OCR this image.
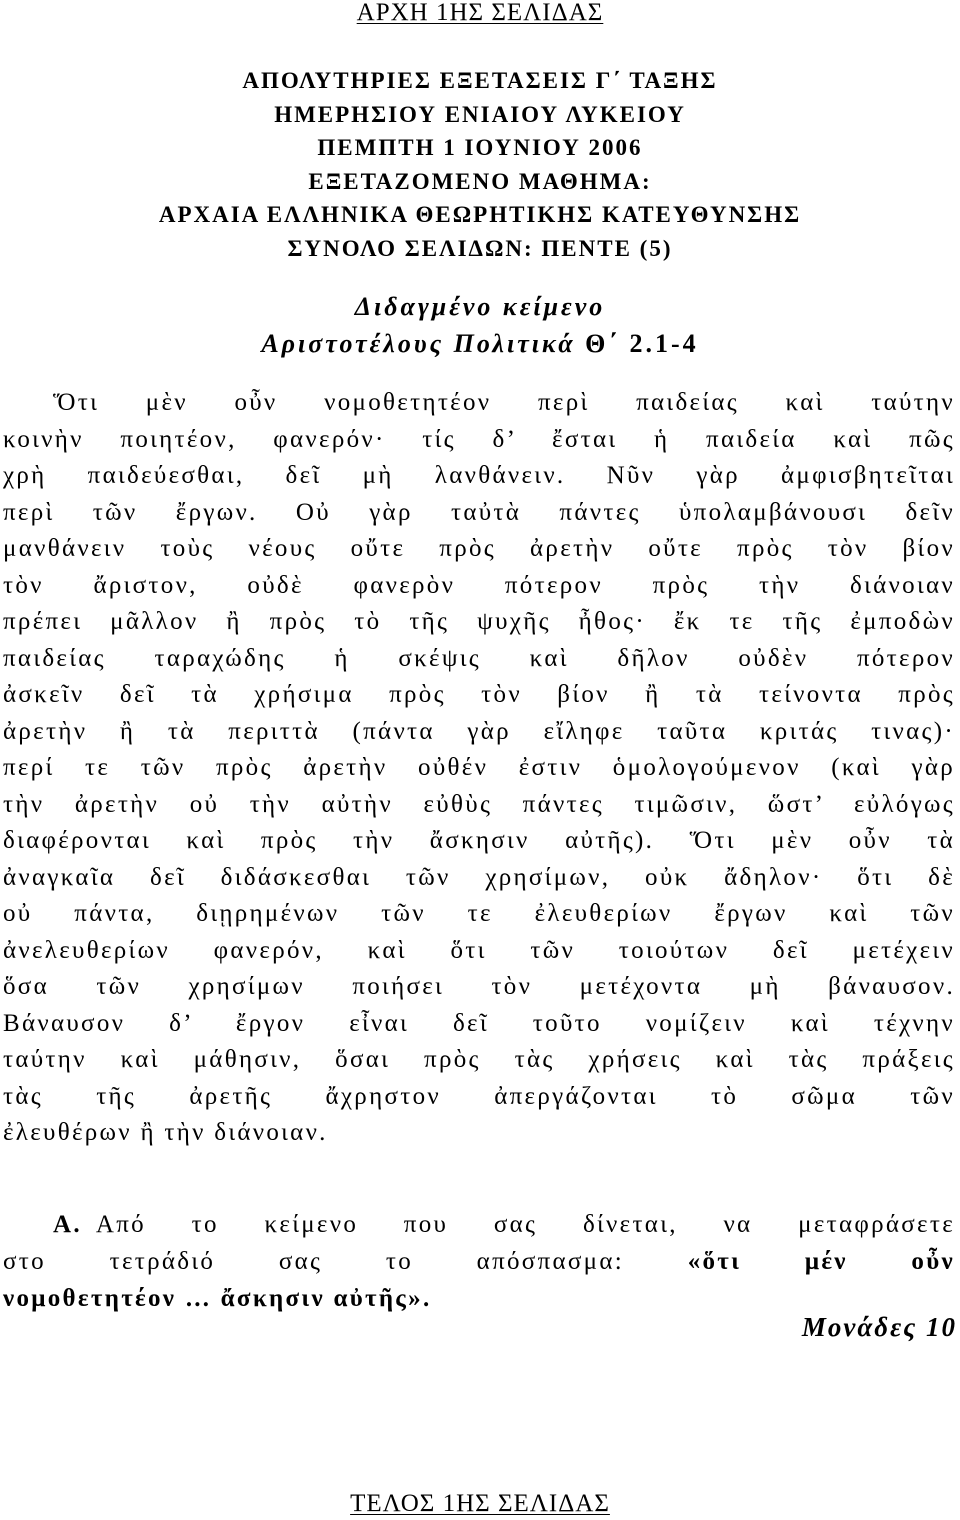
ΑΡΧΗ 1ΗΣ ΣΕΛΙΔΑΣ
ΑΠΟΛΥΤΗΡΙΕΣ ΕΞΕΤΑΣΕΙΣ Γ΄ ΤΑΞΗΣ
ΗΜΕΡΗΣΙΟΥ ΕΝΙΑΙΟΥ ΛΥΚΕΙΟΥ
ΠΕΜΠΤΗ 1 ΙΟΥΝΙΟΥ 2006
ΕΞΕΤΑΖΟΜΕΝΟ ΜΑΘΗΜΑ:
ΑΡΧΑΙΑ ΕΛΛΗΝΙΚΑ ΘΕΩΡΗΤΙΚΗΣ ΚΑΤΕΥΘΥΝΣΗΣ
ΣΥΝΟΛΟ ΣΕΛΙΔΩΝ: ΠΕΝΤΕ (5)
Διδαγμένο κείμενο
Αριστοτέλους Πολιτικά Θ΄ 2.1-4
Ὅτι μὲν οὖν νομοθετητέον περὶ παιδείας καὶ ταύτην
κοινὴν ποιητέον, φανερόν· τίς δ’ ἔσται ἡ παιδεία καὶ πῶς
χρὴ παιδεύεσθαι, δεῖ μὴ λανθάνειν. Νῦν γὰρ ἀμφισβητεῖται
περὶ τῶν ἔργων. Οὐ γὰρ ταὐτὰ πάντες ὑπολαμβάνουσι δεῖν
μανθάνειν τοὺς νέους οὔτε πρὸς ἀρετὴν οὔτε πρὸς τὸν βίον
τὸν ἄριστον, οὐδὲ φανερὸν πότερον πρὸς τὴν διάνοιαν
πρέπει μᾶλλον ἢ πρὸς τὸ τῆς ψυχῆς ἦθος· ἔκ τε τῆς ἐμποδὼν
παιδείας ταραχώδης ἡ σκέψις καὶ δῆλον οὐδὲν πότερον
ἀσκεῖν δεῖ τὰ χρήσιμα πρὸς τὸν βίον ἢ τὰ τείνοντα πρὸς
ἀρετὴν ἢ τὰ περιττὰ (πάντα γὰρ εἴληφε ταῦτα κριτάς τινας)·
περί τε τῶν πρὸς ἀρετὴν οὐθέν ἐστιν ὁμολογούμενον (καὶ γὰρ
τὴν ἀρετὴν οὐ τὴν αὐτὴν εὐθὺς πάντες τιμῶσιν, ὥστ’ εὐλόγως
διαφέρονται καὶ πρὸς τὴν ἄσκησιν αὐτῆς). Ὅτι μὲν οὖν τὰ
ἀναγκαῖα δεῖ διδάσκεσθαι τῶν χρησίμων, οὐκ ἄδηλον· ὅτι δὲ
οὐ πάντα, διῃρημένων τῶν τε ἐλευθερίων ἔργων καὶ τῶν
ἀνελευθερίων φανερόν, καὶ ὅτι τῶν τοιούτων δεῖ μετέχειν
ὅσα τῶν χρησίμων ποιήσει τὸν μετέχοντα μὴ βάναυσον.
Βάναυσον δ’ ἔργον εἶναι δεῖ τοῦτο νομίζειν καὶ τέχνην
ταύτην καὶ μάθησιν, ὅσαι πρὸς τὰς χρήσεις καὶ τὰς πράξεις
τὰς τῆς ἀρετῆς ἄχρηστον ἀπεργάζονται τὸ σῶμα τῶν
ἐλευθέρων ἢ τὴν διάνοιαν.
Α. Από το κείμενο που σας δίνεται, να μεταφράσετε
στο τετράδιό σας το απόσπασμα:	«ὅτι μέν οὖν
νομοθετητέον … ἄσκησιν αὐτῆς».
Μονάδες 10
ΤΕΛΟΣ 1ΗΣ ΣΕΛΙΔΑΣ
